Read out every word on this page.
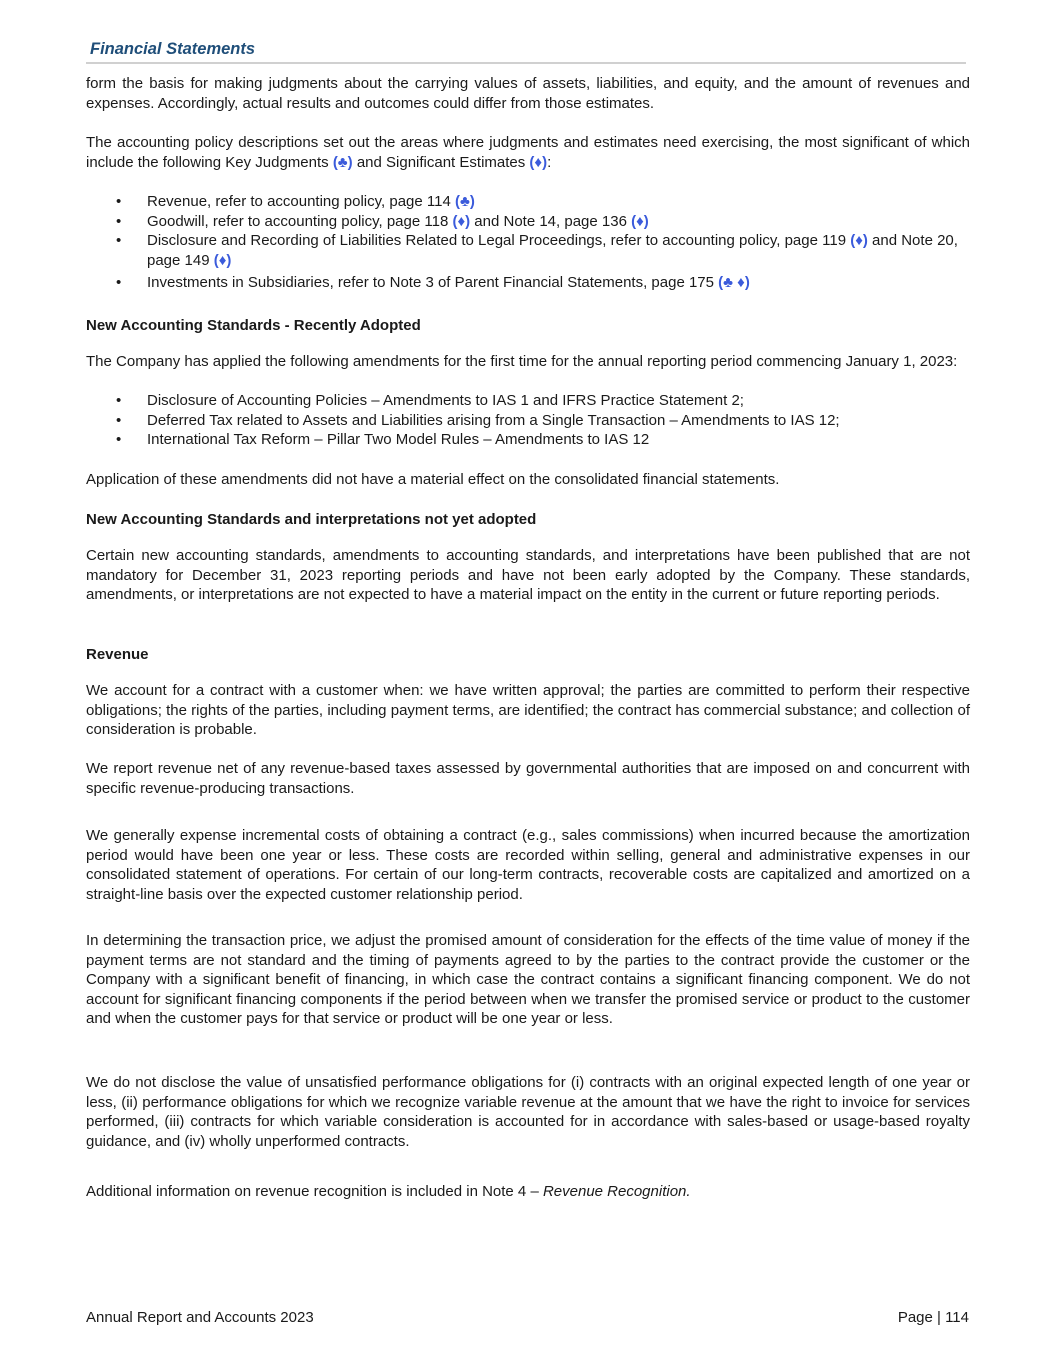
Financial Statements

form the basis for making judgments about the carrying values of assets, liabilities, and equity, and the amount of revenues and expenses. Accordingly, actual results and outcomes could differ from those estimates.

The accounting policy descriptions set out the areas where judgments and estimates need exercising, the most significant of which include the following Key Judgments (♣) and Significant Estimates (♦):

• Revenue, refer to accounting policy, page 114 (♣)
• Goodwill, refer to accounting policy, page 118 (♦) and Note 14, page 136 (♦)
• Disclosure and Recording of Liabilities Related to Legal Proceedings, refer to accounting policy, page 119 (♦) and Note 20, page 149 (♦)
• Investments in Subsidiaries, refer to Note 3 of Parent Financial Statements, page 175 (♣ ♦)
New Accounting Standards - Recently Adopted

The Company has applied the following amendments for the first time for the annual reporting period commencing January 1, 2023:

• Disclosure of Accounting Policies – Amendments to IAS 1 and IFRS Practice Statement 2;
• Deferred Tax related to Assets and Liabilities arising from a Single Transaction – Amendments to IAS 12;
• International Tax Reform – Pillar Two Model Rules – Amendments to IAS 12

Application of these amendments did not have a material effect on the consolidated financial statements.

New Accounting Standards and interpretations not yet adopted

Certain new accounting standards, amendments to accounting standards, and interpretations have been published that are not mandatory for December 31, 2023 reporting periods and have not been early adopted by the Company. These standards, amendments, or interpretations are not expected to have a material impact on the entity in the current or future reporting periods.

Revenue

We account for a contract with a customer when: we have written approval; the parties are committed to perform their respective obligations; the rights of the parties, including payment terms, are identified; the contract has commercial substance; and collection of consideration is probable.

We report revenue net of any revenue-based taxes assessed by governmental authorities that are imposed on and concurrent with specific revenue-producing transactions.

We generally expense incremental costs of obtaining a contract (e.g., sales commissions) when incurred because the amortization period would have been one year or less. These costs are recorded within selling, general and administrative expenses in our consolidated statement of operations. For certain of our long-term contracts, recoverable costs are capitalized and amortized on a straight-line basis over the expected customer relationship period.

In determining the transaction price, we adjust the promised amount of consideration for the effects of the time value of money if the payment terms are not standard and the timing of payments agreed to by the parties to the contract provide the customer or the Company with a significant benefit of financing, in which case the contract contains a significant financing component. We do not account for significant financing components if the period between when we transfer the promised service or product to the customer and when the customer pays for that service or product will be one year or less.

We do not disclose the value of unsatisfied performance obligations for (i) contracts with an original expected length of one year or less, (ii) performance obligations for which we recognize variable revenue at the amount that we have the right to invoice for services performed, (iii) contracts for which variable consideration is accounted for in accordance with sales-based or usage-based royalty guidance, and (iv) wholly unperformed contracts.

Additional information on revenue recognition is included in Note 4 – Revenue Recognition.

Annual Report and Accounts 2023	Page | 114
